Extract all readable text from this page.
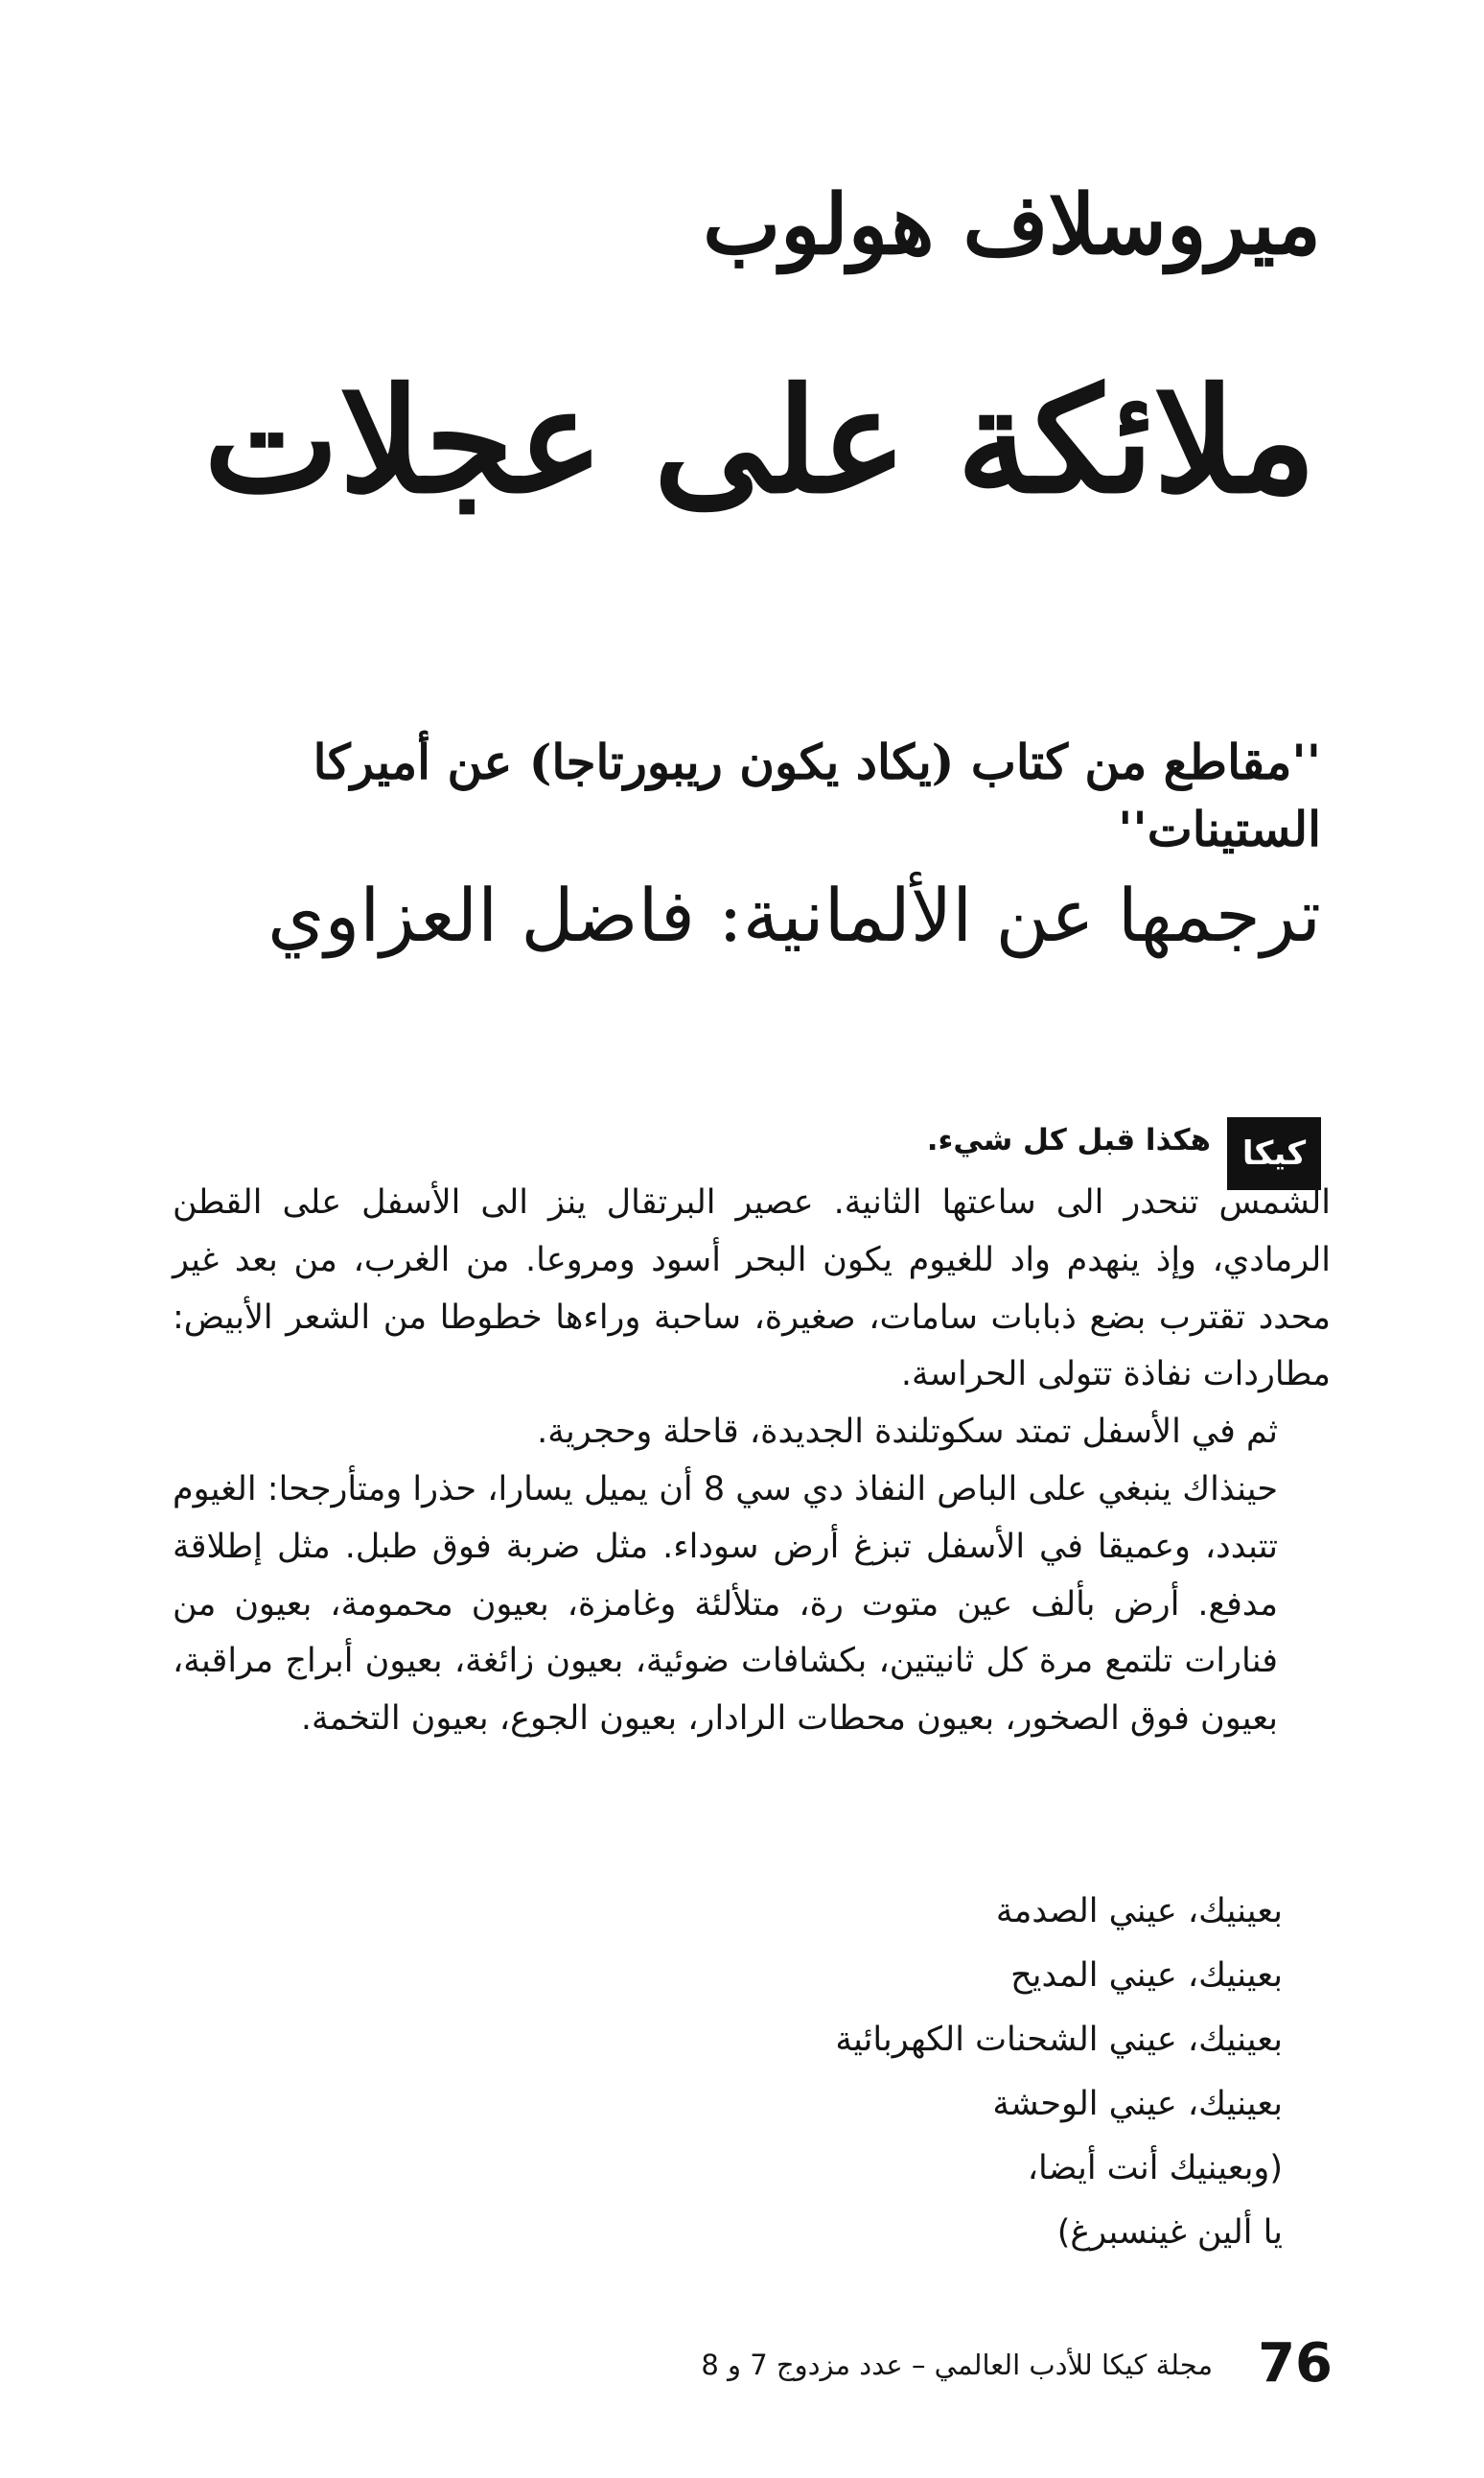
ميروسلاف هولوب
ملائكة على عجلات
''مقاطع من كتاب (يكاد يكون ريبورتاجا) عن أميركا الستينات''
ترجمها عن الألمانية: فاضل العزاوي
كيكا
هكذا قبل كل شيء.

الشمس تنحدر الى ساعتها الثانية. عصير البرتقال ينز الى الأسفل على القطن الرمادي، وإذ ينهدم واد للغيوم يكون البحر أسود ومروعا. من الغرب، من بعد غير محدد تقترب بضع ذبابات سامات، صغيرة، ساحبة وراءها خطوطا من الشعر الأبيض: مطاردات نفاذة تتولى الحراسة.

ثم في الأسفل تمتد سكوتلندة الجديدة، قاحلة وحجرية.

حينذاك ينبغي على الباص النفاذ دي سي 8 أن يميل يسارا، حذرا ومتأرجحا: الغيوم تتبدد، وعميقا في الأسفل تبزغ أرض سوداء. مثل ضربة فوق طبل. مثل إطلاقة مدفع. أرض بألف عين متوت رة، متلألئة وغامزة، بعيون محمومة، بعيون من فنارات تلتمع مرة كل ثانيتين، بكشافات ضوئية، بعيون زائغة، بعيون أبراج مراقبة، بعيون فوق الصخور، بعيون محطات الرادار، بعيون الجوع، بعيون التخمة.

بعينيك، عيني الصدمة
بعينيك، عيني المديح
بعينيك، عيني الشحنات الكهربائية
بعينيك، عيني الوحشة
(وبعينيك أنت أيضا،
يا ألين غينسبرغ)
76
مجلة كيكا للأدب العالمي – عدد مزدوج 7 و 8
